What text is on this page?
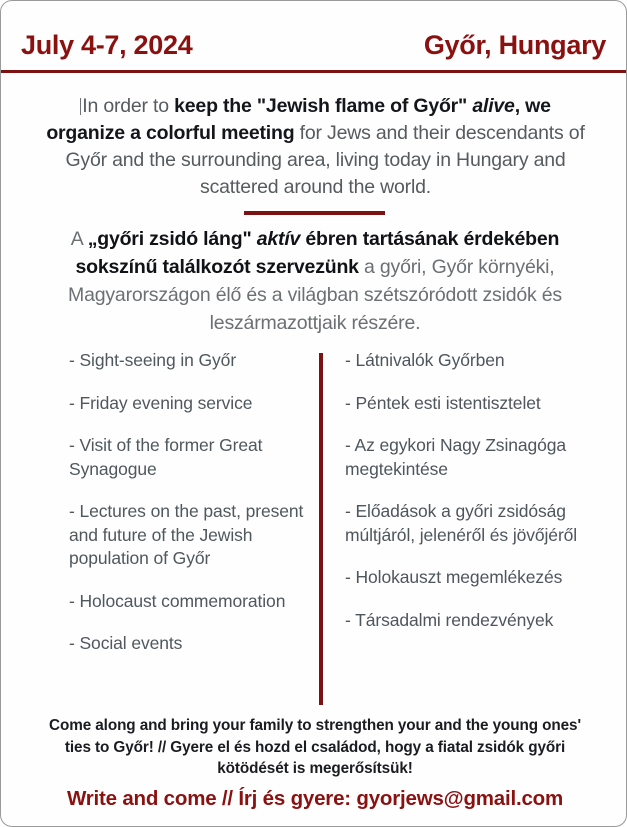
July 4-7, 2024	Győr, Hungary
In order to keep the "Jewish flame of Győr" alive, we organize a colorful meeting for Jews and their descendants of Győr and the surrounding area, living today in Hungary and scattered around the world.
A „győri zsidó láng" aktív ébren tartásának érdekében sokszínű találkozót szervezünk a győri, Győr környéki, Magyarországon élő és a világban szétszóródott zsidók és leszármazottjaik részére.
- Sight-seeing in Győr
- Friday evening service
- Visit of the former Great Synagogue
- Lectures on the past, present and future of the Jewish population of Győr
- Holocaust commemoration
- Social events
- Látnivalók Győrben
- Péntek esti istentisztelet
- Az egykori Nagy Zsinagóga megtekintése
- Előadások a győri zsidóság múltjáról, jelenéről és jövőjéről
- Holokauszt megemlékezés
- Társadalmi rendezvények
Come along and bring your family to strengthen your and the young ones' ties to Győr! // Gyere el és hozd el családod, hogy a fiatal zsidók győri kötödését is megerősítsük!
Write and come // Írj és gyere: gyorjews@gmail.com
